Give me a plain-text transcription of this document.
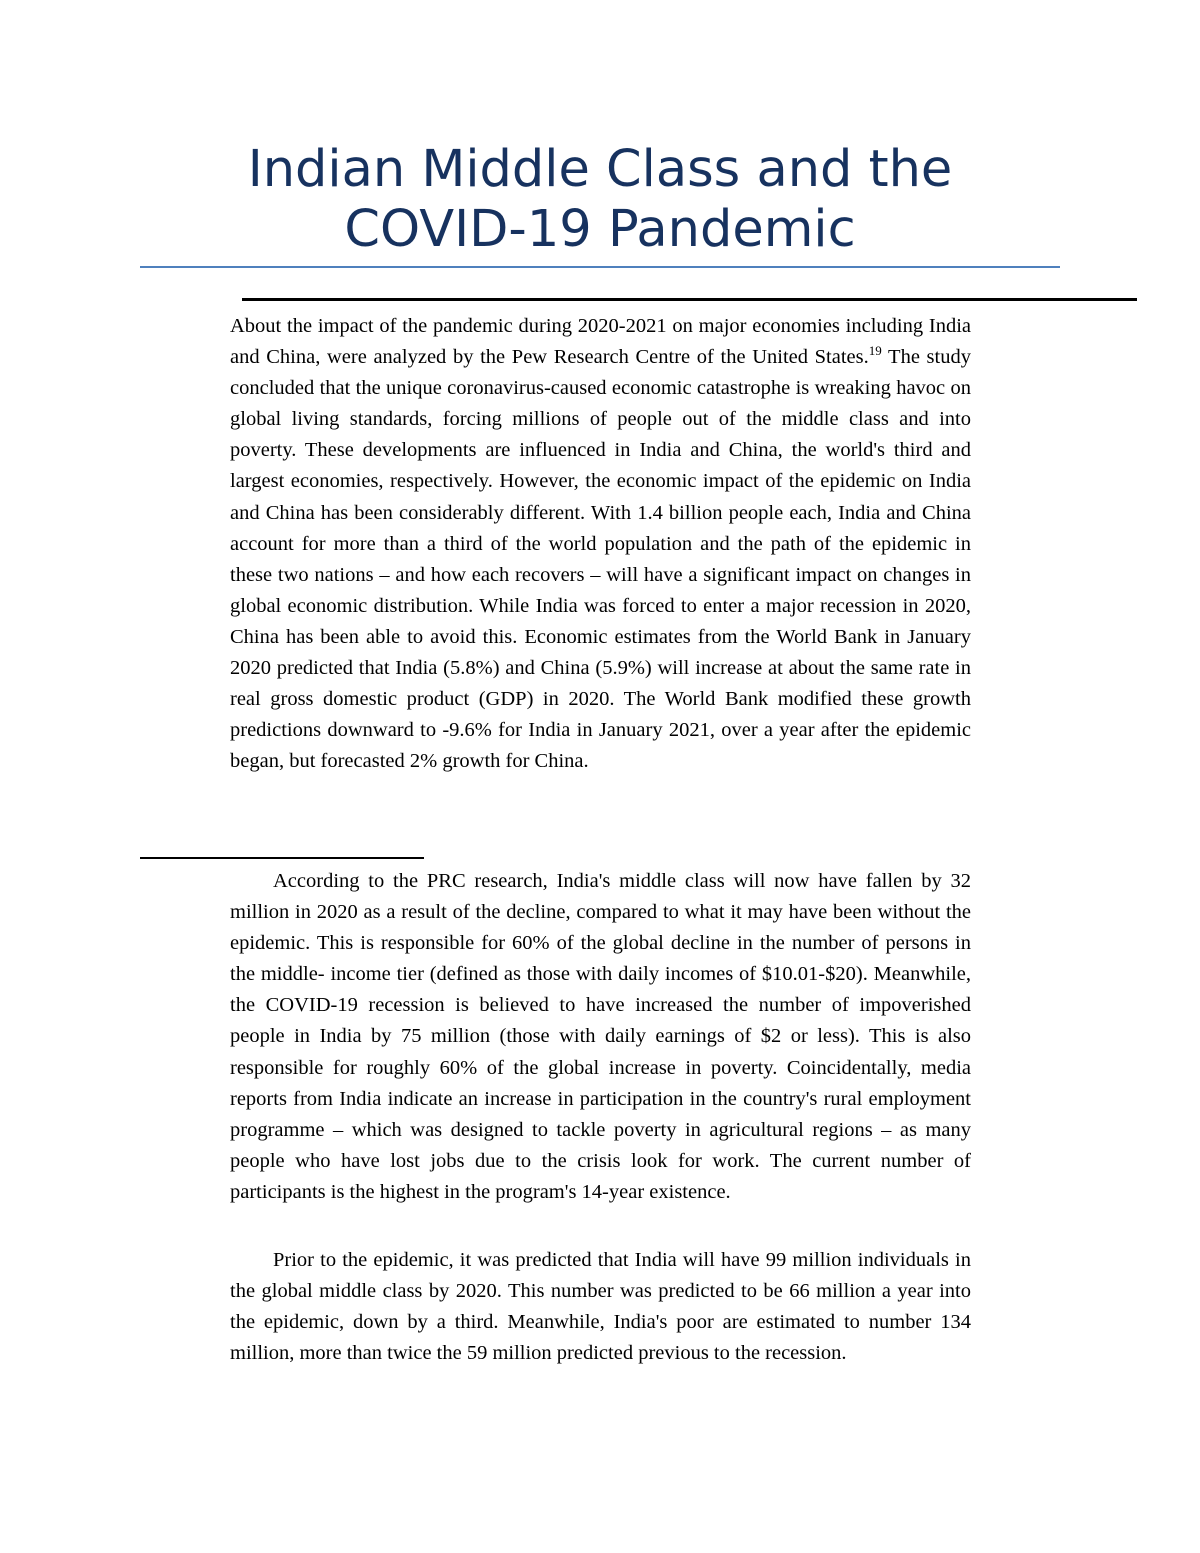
Indian Middle Class and the
COVID-19 Pandemic

About the impact of the pandemic during 2020-2021 on major economies including India and China, were analyzed by the Pew Research Centre of the United States.$^{19}$ The study concluded that the unique coronavirus-caused economic catastrophe is wreaking havoc on global living standards, forcing millions of people out of the middle class and into poverty. These developments are influenced in India and China, the world's third and largest economies, respectively. However, the economic impact of the epidemic on India and China has been considerably different. With 1.4 billion people each, India and China account for more than a third of the world population and the path of the epidemic in these two nations – and how each recovers – will have a significant impact on changes in global economic distribution. While India was forced to enter a major recession in 2020, China has been able to avoid this. Economic estimates from the World Bank in January 2020 predicted that India (5.8%) and China (5.9%) will increase at about the same rate in real gross domestic product (GDP) in 2020. The World Bank modified these growth predictions downward to -9.6% for India in January 2021, over a year after the epidemic began, but forecasted 2% growth for China.

According to the PRC research, India's middle class will now have fallen by 32 million in 2020 as a result of the decline, compared to what it may have been without the epidemic. This is responsible for 60% of the global decline in the number of persons in the middle- income tier (defined as those with daily incomes of $10.01-$20). Meanwhile, the COVID-19 recession is believed to have increased the number of impoverished people in India by 75 million (those with daily earnings of $2 or less). This is also responsible for roughly 60% of the global increase in poverty. Coincidentally, media reports from India indicate an increase in participation in the country's rural employment programme – which was designed to tackle poverty in agricultural regions – as many people who have lost jobs due to the crisis look for work. The current number of participants is the highest in the program's 14-year existence.

Prior to the epidemic, it was predicted that India will have 99 million individuals in the global middle class by 2020. This number was predicted to be 66 million a year into the epidemic, down by a third. Meanwhile, India's poor are estimated to number 134 million, more than twice the 59 million predicted previous to the recession.
